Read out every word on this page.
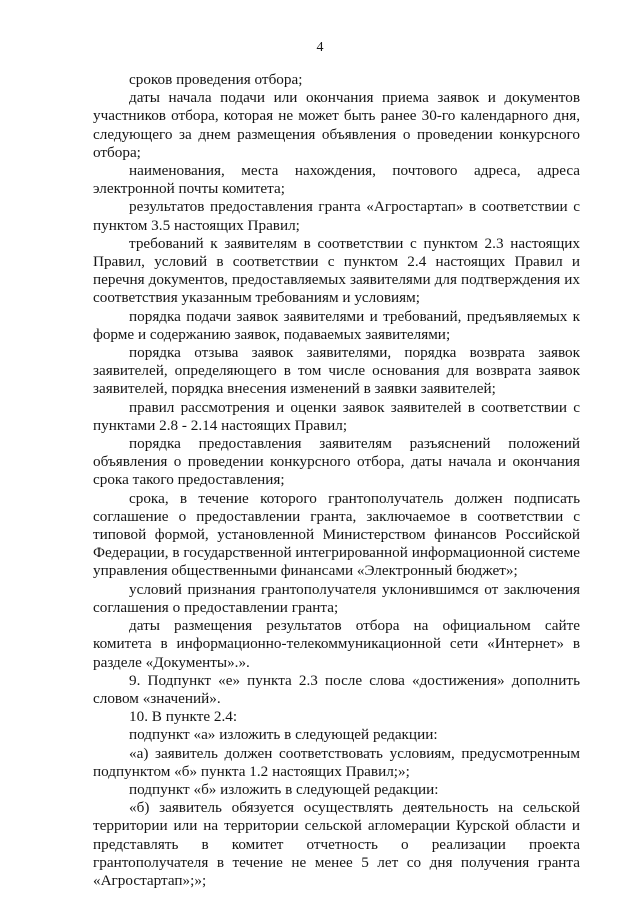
4

сроков проведения отбора;

даты начала подачи или окончания приема заявок и документов участников отбора, которая не может быть ранее 30-го календарного дня, следующего за днем размещения объявления о проведении конкурсного отбора;

наименования, места нахождения, почтового адреса, адреса электронной почты комитета;

результатов предоставления гранта «Агростартап» в соответствии с пунктом 3.5 настоящих Правил;

требований к заявителям в соответствии с пунктом 2.3 настоящих Правил, условий в соответствии с пунктом 2.4 настоящих Правил и перечня документов, предоставляемых заявителями для подтверждения их соответствия указанным требованиям и условиям;

порядка подачи заявок заявителями и требований, предъявляемых к форме и содержанию заявок, подаваемых заявителями;

порядка отзыва заявок заявителями, порядка возврата заявок заявителей, определяющего в том числе основания для возврата заявок заявителей, порядка внесения изменений в заявки заявителей;

правил рассмотрения и оценки заявок заявителей в соответствии с пунктами 2.8 - 2.14 настоящих Правил;

порядка предоставления заявителям разъяснений положений объявления о проведении конкурсного отбора, даты начала и окончания срока такого предоставления;

срока, в течение которого грантополучатель должен подписать соглашение о предоставлении гранта, заключаемое в соответствии с типовой формой, установленной Министерством финансов Российской Федерации, в государственной интегрированной информационной системе управления общественными финансами «Электронный бюджет»;

условий признания грантополучателя уклонившимся от заключения соглашения о предоставлении гранта;

даты размещения результатов отбора на официальном сайте комитета в информационно-телекоммуникационной сети «Интернет» в разделе «Документы».».

9. Подпункт «е» пункта 2.3 после слова «достижения» дополнить словом «значений».

10. В пункте 2.4:

подпункт «а» изложить в следующей редакции:

«а) заявитель должен соответствовать условиям, предусмотренным подпунктом «б» пункта 1.2 настоящих Правил;»;

подпункт «б» изложить в следующей редакции:

«б) заявитель обязуется осуществлять деятельность на сельской территории или на территории сельской агломерации Курской области и представлять в комитет отчетность о реализации проекта грантополучателя в течение не менее 5 лет со дня получения гранта «Агростартап»;»;
